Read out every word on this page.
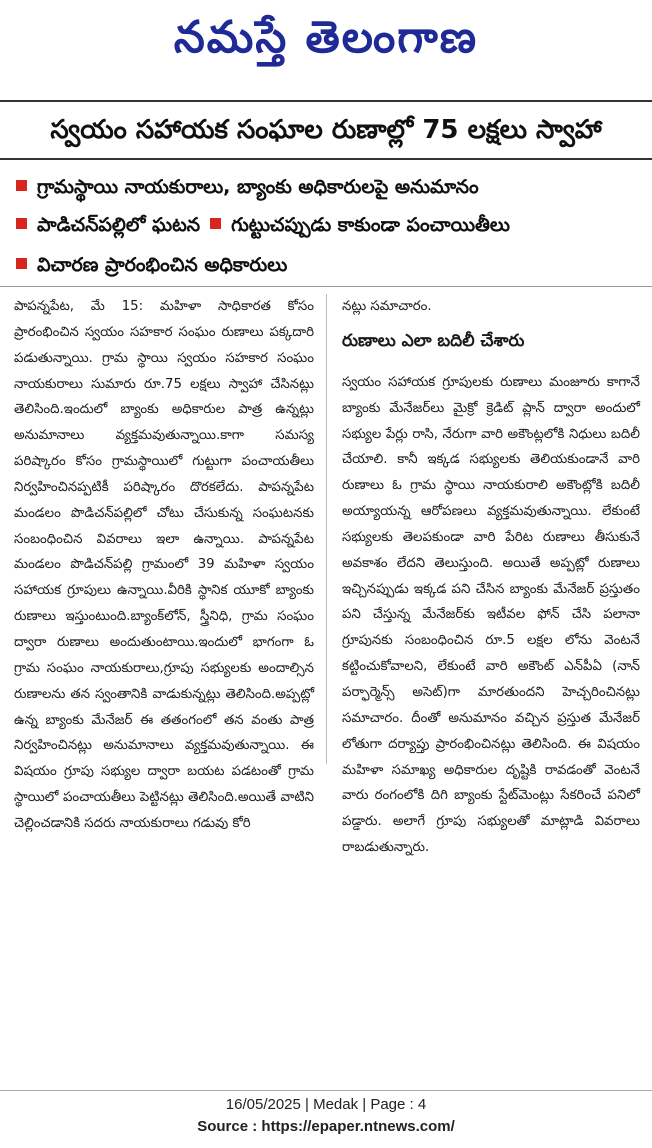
నమస్తే తెలంగాణ
స్వయం సహాయక సంఘాల రుణాల్లో 75 లక్షలు స్వాహా
గ్రామస్థాయి నాయకురాలు, బ్యాంకు అధికారులపై అనుమానం
పాడిచన్‌పల్లిలో ఘటన గుట్టుచప్పుడు కాకుండా పంచాయితీలు
విచారణ ప్రారంభించిన అధికారులు

పాపన్నపేట, మే 15: మహిళా సాధికారత కోసం ప్రారంభించిన స్వయం సహకార సంఘం రుణాలు పక్కదారి పడుతున్నాయి. గ్రామ స్థాయి స్వయం సహకార సంఘం నాయకురాలు సుమారు రూ.75 లక్షలు స్వాహా చేసినట్లు తెలిసింది.ఇందులో బ్యాంకు అధికారుల పాత్ర ఉన్నట్లు అనుమానాలు వ్యక్తమవుతున్నాయి.కాగా సమస్య పరిష్కారం కోసం గ్రామస్థాయిలో గుట్టుగా పంచాయతీలు నిర్వహించినప్పటికీ పరిష్కారం దొరకలేదు. పాపన్నపేట మండలం పొడిచన్‌పల్లిలో చోటు చేసుకున్న సంఘటనకు సంబంధించిన వివరాలు ఇలా ఉన్నాయి. పాపన్నపేట మండలం పొడిచన్‌పల్లి గ్రామంలో 39 మహిళా స్వయం సహాయక గ్రూపులు ఉన్నాయి.వీరికి స్థానిక యూకో బ్యాంకు రుణాలు ఇస్తుంటుంది.బ్యాంక్‌లోన్, స్త్రీనిధి, గ్రామ సంఘం ద్వారా రుణాలు అందుతుంటాయి.ఇందులో భాగంగా ఓ గ్రామ సంఘం నాయకురాలు,గ్రూపు సభ్యులకు అందాల్సిన రుణాలను తన స్వంతానికి వాడుకున్నట్లు తెలిసింది.అప్పట్లో ఉన్న బ్యాంకు మేనేజర్ ఈ తతంగంలో తన వంతు పాత్ర నిర్వహించినట్లు అనుమానాలు వ్యక్తమవుతున్నాయి. ఈ విషయం గ్రూపు సభ్యుల ద్వారా బయట పడటంతో గ్రామ స్థాయిలో పంచాయతీలు పెట్టినట్లు తెలిసింది.అయితే వాటిని చెల్లించడానికి సదరు నాయకురాలు గడువు కోరి

నట్లు సమాచారం.

రుణాలు ఎలా బదిలీ చేశారు

స్వయం సహాయక గ్రూపులకు రుణాలు మంజూరు కాగానే బ్యాంకు మేనేజర్‌లు మైక్రో క్రెడిట్ ప్లాన్ ద్వారా అందులో సభ్యుల పేర్లు రాసి, నేరుగా వారి అకౌంట్లలోకి నిధులు బదిలీ చేయాలి. కానీ ఇక్కడ సభ్యులకు తెలియకుండానే వారి రుణాలు ఓ గ్రామ స్థాయి నాయకురాలి అకౌంట్లోకి బదిలీ అయ్యాయన్న ఆరోపణలు వ్యక్తమవుతున్నాయి. లేకుంటే సభ్యులకు తెలపకుండా వారి పేరిట రుణాలు తీసుకునే అవకాశం లేదని తెలుస్తుంది. అయితే అప్పట్లో రుణాలు ఇచ్చినప్పుడు ఇక్కడ పని చేసిన బ్యాంకు మేనేజర్ ప్రస్తుతం పని చేస్తున్న మేనేజర్‌కు ఇటీవల ఫోన్ చేసి పలానా గ్రూపునకు సంబంధించిన రూ.5 లక్షల లోను వెంటనే కట్టించుకోవాలని, లేకుంటే వారి అకౌంట్ ఎన్‌పీఏ (నాన్ పర్ఫార్మెన్స్ అసెట్)గా మారతుందని హెచ్చరించినట్లు సమాచారం. దీంతో అనుమానం వచ్చిన ప్రస్తుత మేనేజర్ లోతుగా దర్యాప్తు ప్రారంభించినట్లు తెలిసింది. ఈ విషయం మహిళా సమాఖ్య అధికారుల దృష్టికి రావడంతో వెంటనే వారు రంగంలోకి దిగి బ్యాంకు స్టేట్‌మెంట్లు సేకరించే పనిలో పడ్డారు. అలాగే గ్రూపు సభ్యులతో మాట్లాడి వివరాలు రాబడుతున్నారు.

16/05/2025 | Medak | Page : 4
Source : https://epaper.ntnews.com/
